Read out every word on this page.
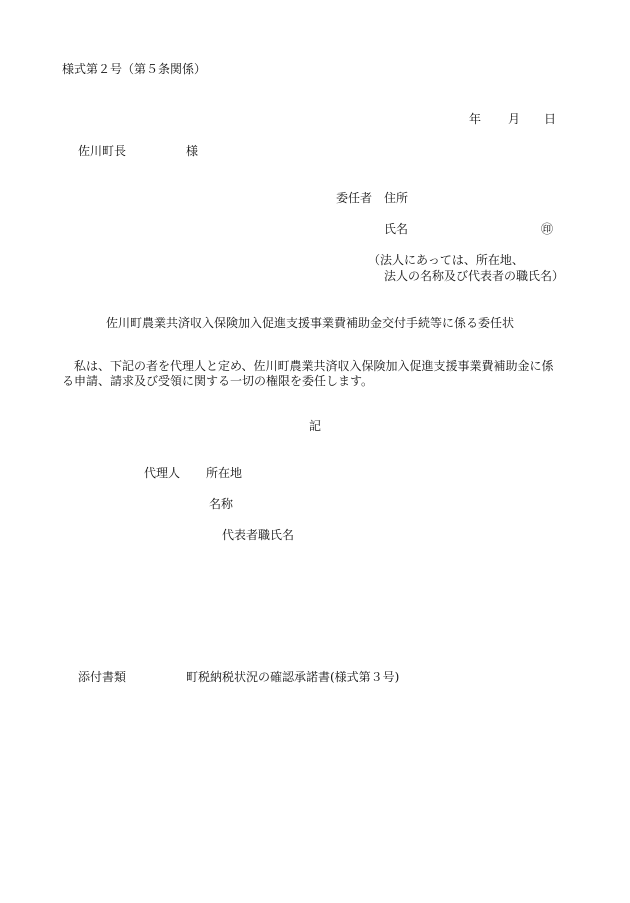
様式第２号（第５条関係）
年 月 日
佐川町長	様
委任者 住所
氏名	㊞
（法人にあっては、所在地、
法人の名称及び代表者の職氏名）
佐川町農業共済収入保険加入促進支援事業費補助金交付手続等に係る委任状
　私は、下記の者を代理人と定め、佐川町農業共済収入保険加入促進支援事業費補助金に係
る申請、請求及び受領に関する一切の権限を委任します。
記
代理人 所在地
名称
代表者職氏名
添付書類	町税納税状況の確認承諾書(様式第３号)
